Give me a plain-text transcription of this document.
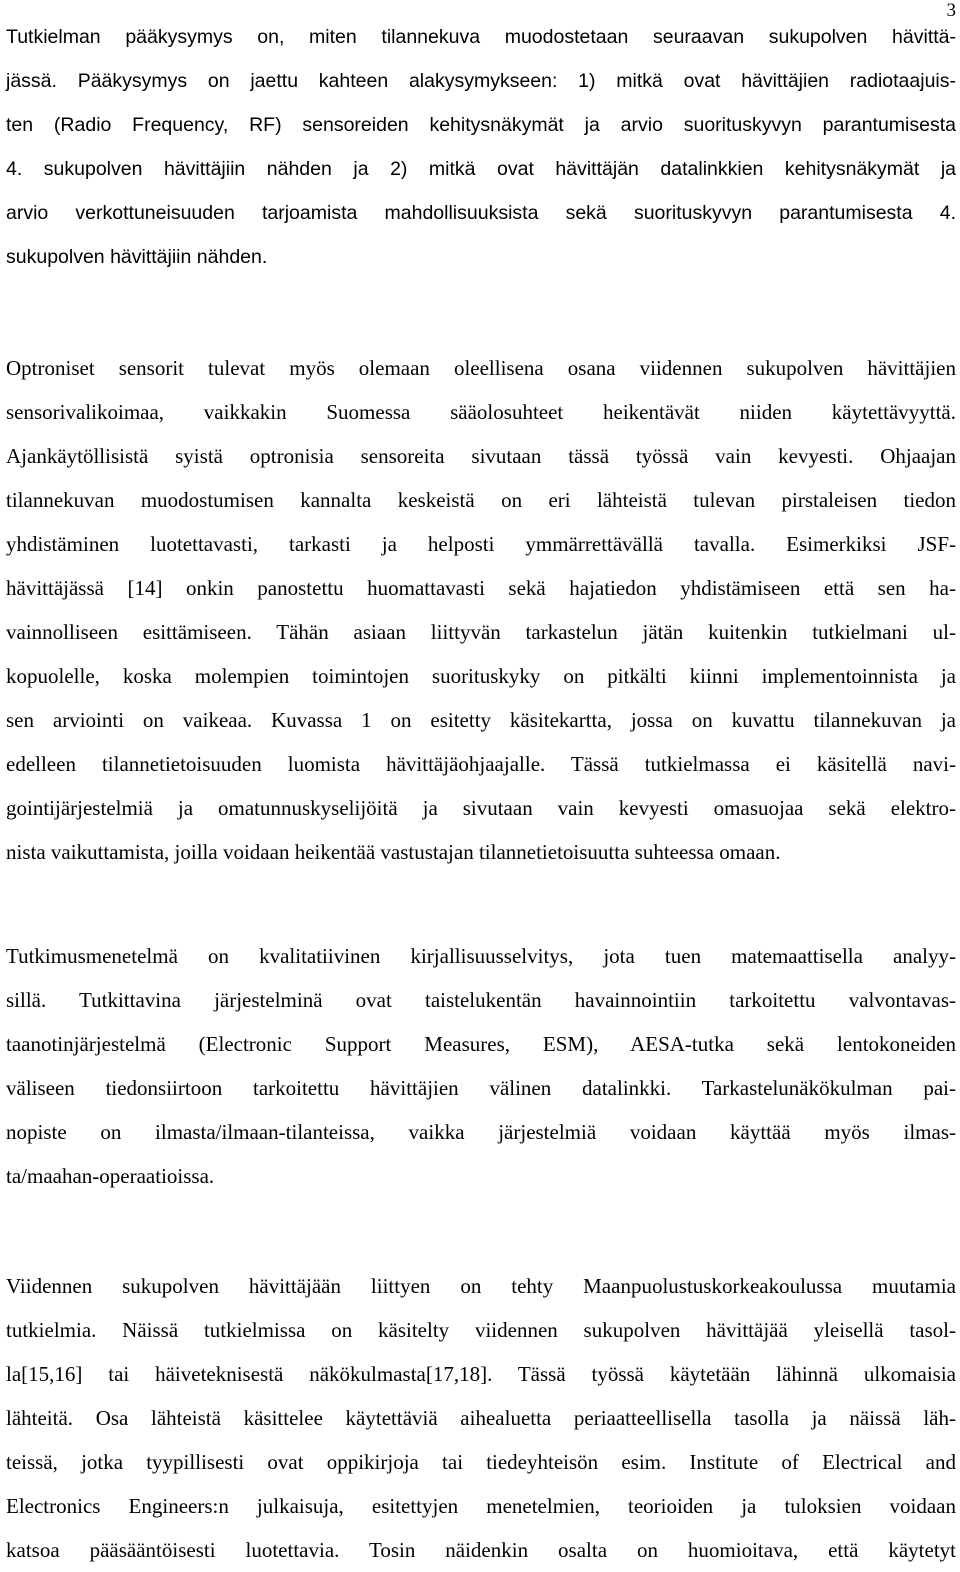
3
Tutkielman pääkysymys on, miten tilannekuva muodostetaan seuraavan sukupolven hävittä-
jässä. Pääkysymys on jaettu kahteen alakysymykseen: 1) mitkä ovat hävittäjien radiotaajuis-
ten (Radio Frequency, RF) sensoreiden kehitysnäkymät ja arvio suorituskyvyn parantumisesta
4. sukupolven hävittäjiin nähden ja 2) mitkä ovat hävittäjän datalinkkien kehitysnäkymät ja
arvio verkottuneisuuden tarjoamista mahdollisuuksista sekä suorituskyvyn parantumisesta 4.
sukupolven hävittäjiin nähden.
Optroniset sensorit tulevat myös olemaan oleellisena osana viidennen sukupolven hävittäjien
sensorivalikoimaa, vaikkakin Suomessa sääolosuhteet heikentävät niiden käytettävyyttä.
Ajankäytöllisistä syistä optronisia sensoreita sivutaan tässä työssä vain kevyesti. Ohjaajan
tilannekuvan muodostumisen kannalta keskeistä on eri lähteistä tulevan pirstaleisen tiedon
yhdistäminen luotettavasti, tarkasti ja helposti ymmärrettävällä tavalla. Esimerkiksi JSF-
hävittäjässä [14] onkin panostettu huomattavasti sekä hajatiedon yhdistämiseen että sen ha-
vainnolliseen esittämiseen. Tähän asiaan liittyvän tarkastelun jätän kuitenkin tutkielmani ul-
kopuolelle, koska molempien toimintojen suorituskyky on pitkälti kiinni implementoinnista ja
sen arviointi on vaikeaa. Kuvassa 1 on esitetty käsitekartta, jossa on kuvattu tilannekuvan ja
edelleen tilannetietoisuuden luomista hävittäjäohjaajalle. Tässä tutkielmassa ei käsitellä navi-
gointijärjestelmiä ja omatunnuskyselijöitä ja sivutaan vain kevyesti omasuojaa sekä elektro-
nista vaikuttamista, joilla voidaan heikentää vastustajan tilannetietoisuutta suhteessa omaan.
Tutkimusmenetelmä on kvalitatiivinen kirjallisuusselvitys, jota tuen matemaattisella analyy-
sillä. Tutkittavina järjestelminä ovat taistelukentän havainnointiin tarkoitettu valvontavas-
taanotinjärjestelmä (Electronic Support Measures, ESM), AESA-tutka sekä lentokoneiden
väliseen tiedonsiirtoon tarkoitettu hävittäjien välinen datalinkki. Tarkastelunäkökulman pai-
nopiste on ilmasta/ilmaan-tilanteissa, vaikka järjestelmiä voidaan käyttää myös ilmas-
ta/maahan-operaatioissa.
Viidennen sukupolven hävittäjään liittyen on tehty Maanpuolustuskorkeakoulussa muutamia
tutkielmia. Näissä tutkielmissa on käsitelty viidennen sukupolven hävittäjää yleisellä tasol-
la[15,16] tai häiveteknisestä näkökulmasta[17,18]. Tässä työssä käytetään lähinnä ulkomaisia
lähteitä. Osa lähteistä käsittelee käytettäviä aihealuetta periaatteellisella tasolla ja näissä läh-
teissä, jotka tyypillisesti ovat oppikirjoja tai tiedeyhteisön esim. Institute of Electrical and
Electronics Engineers:n julkaisuja, esitettyjen menetelmien, teorioiden ja tuloksien voidaan
katsoa pääsääntöisesti luotettavia. Tosin näidenkin osalta on huomioitava, että käytetyt
